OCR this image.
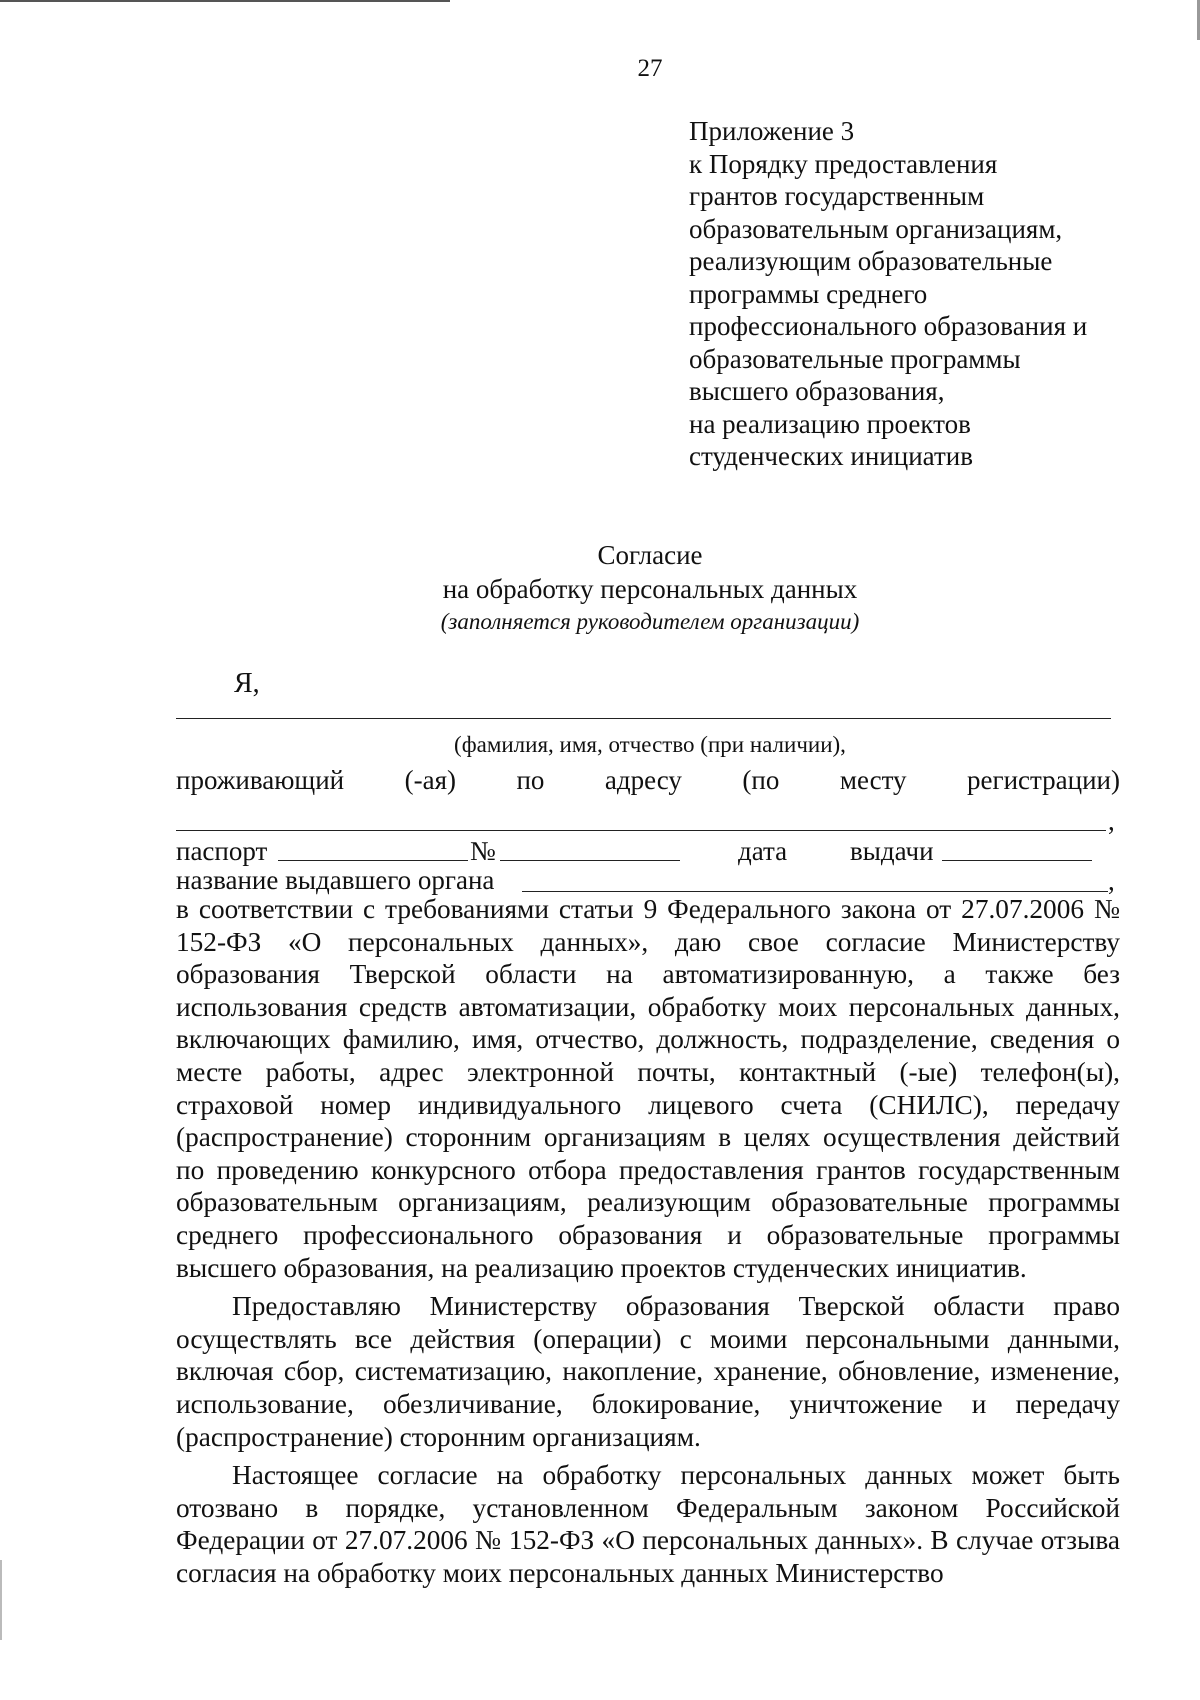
27
Приложение 3
к Порядку предоставления
грантов государственным
образовательным организациям,
реализующим образовательные
программы среднего
профессионального образования и
образовательные программы
высшего образования,
на реализацию проектов
студенческих инициатив
Согласие
на обработку персональных данных
(заполняется руководителем организации)
Я,
(фамилия, имя, отчество (при наличии),
проживающий (-ая) по адресу (по месту регистрации)
,
паспорт	№	дата выдачи
название выдавшего органа	,

в соответствии с требованиями статьи 9 Федерального закона от 27.07.2006 № 152-ФЗ «О персональных данных», даю свое согласие Министерству образования Тверской области на автоматизированную, а также без использования средств автоматизации, обработку моих персональных данных, включающих фамилию, имя, отчество, должность, подразделение, сведения о месте работы, адрес электронной почты, контактный (-ые) телефон(ы), страховой номер индивидуального лицевого счета (СНИЛС), передачу (распространение) сторонним организациям в целях осуществления действий по проведению конкурсного отбора предоставления грантов государственным образовательным организациям, реализующим образовательные программы среднего профессионального образования и образовательные программы высшего образования, на реализацию проектов студенческих инициатив.

Предоставляю Министерству образования Тверской области право осуществлять все действия (операции) с моими персональными данными, включая сбор, систематизацию, накопление, хранение, обновление, изменение, использование, обезличивание, блокирование, уничтожение и передачу (распространение) сторонним организациям.

Настоящее согласие на обработку персональных данных может быть отозвано в порядке, установленном Федеральным законом Российской Федерации от 27.07.2006 № 152-ФЗ «О персональных данных». В случае отзыва согласия на обработку моих персональных данных Министерство
